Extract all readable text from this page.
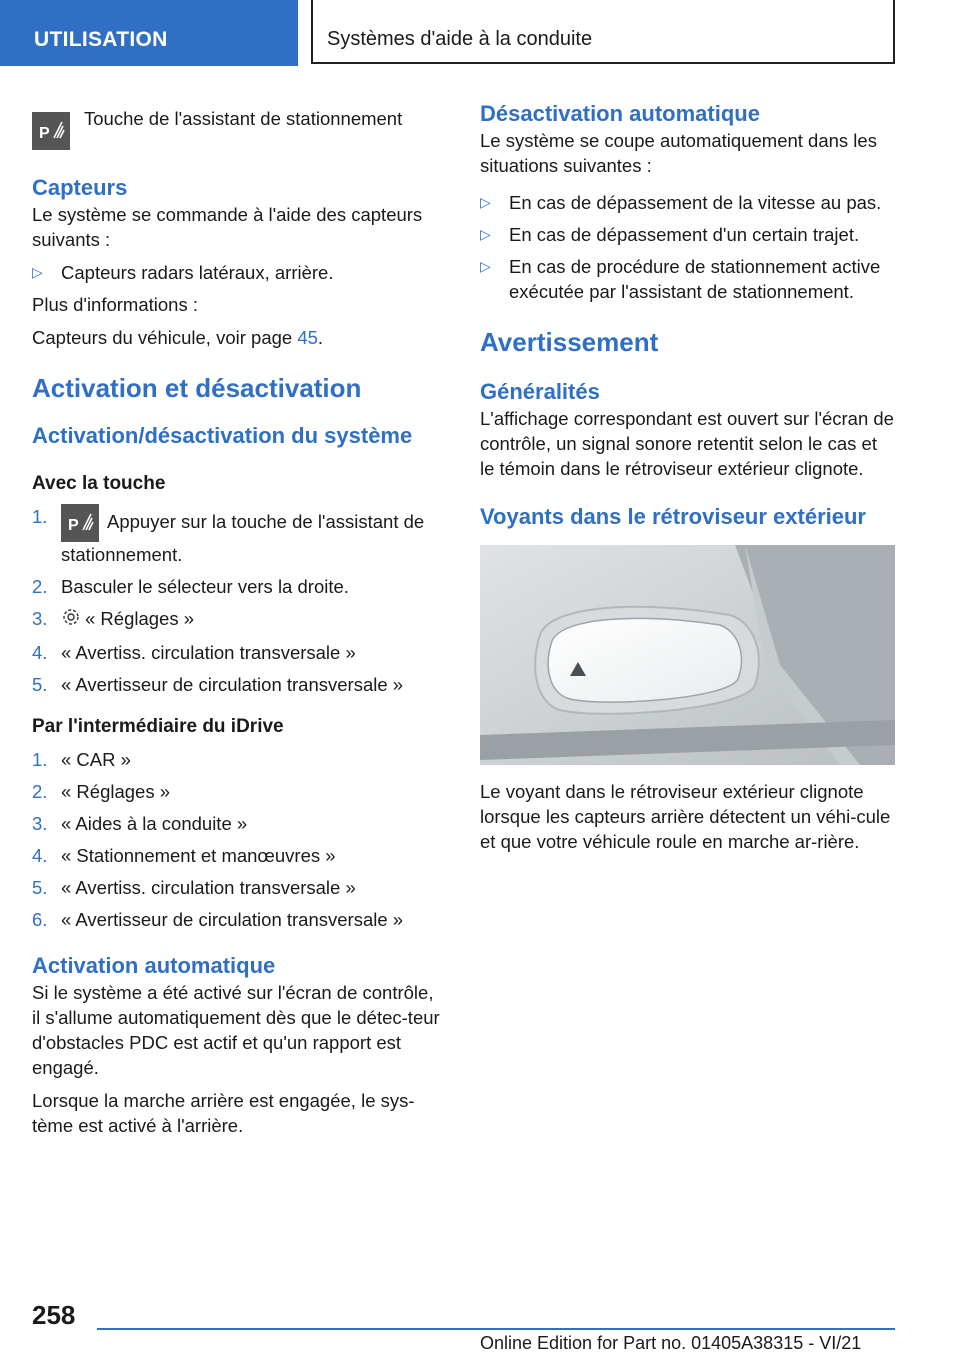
UTILISATION	Systèmes d'aide à la conduite
P
Touche de l'assistant de stationnement
Capteurs

Le système se commande à l'aide des capteurs suivants :

▷ Capteurs radars latéraux, arrière.

Plus d'informations :

Capteurs du véhicule, voir page 45.

Activation et désactivation
Activation/désactivation du système
Avec la touche
1. P Appuyer sur la touche de l'assistant de stationnement.
2. Basculer le sélecteur vers la droite.
3. « Réglages »
4. « Avertiss. circulation transversale »
5. « Avertisseur de circulation transversale »
Par l'intermédiaire du iDrive
1. « CAR »
2. « Réglages »
3. « Aides à la conduite »
4. « Stationnement et manœuvres »
5. « Avertiss. circulation transversale »
6. « Avertisseur de circulation transversale »
Activation automatique

Si le système a été activé sur l'écran de contrôle, il s'allume automatiquement dès que le détec-teur d'obstacles PDC est actif et qu'un rapport est engagé.

Lorsque la marche arrière est engagée, le sys-tème est activé à l'arrière.

Désactivation automatique

Le système se coupe automatiquement dans les situations suivantes :

▷ En cas de dépassement de la vitesse au pas.
▷ En cas de dépassement d'un certain trajet.
▷ En cas de procédure de stationnement active exécutée par l'assistant de stationnement.
Avertissement
Généralités

L'affichage correspondant est ouvert sur l'écran de contrôle, un signal sonore retentit selon le cas et le témoin dans le rétroviseur extérieur clignote.

Voyants dans le rétroviseur extérieur

Le voyant dans le rétroviseur extérieur clignote lorsque les capteurs arrière détectent un véhi-cule et que votre véhicule roule en marche ar-rière.

258
Online Edition for Part no. 01405A38315 - VI/21
